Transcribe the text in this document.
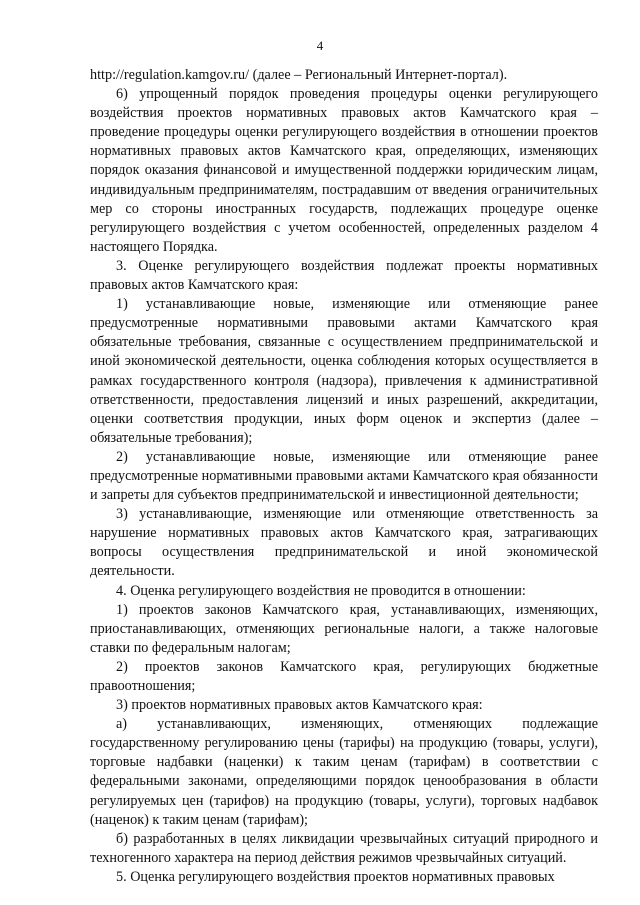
4

http://regulation.kamgov.ru/ (далее – Региональный Интернет-портал).

6) упрощенный порядок проведения процедуры оценки регулирующего воздействия проектов нормативных правовых актов Камчатского края – проведение процедуры оценки регулирующего воздействия в отношении проектов нормативных правовых актов Камчатского края, определяющих, изменяющих порядок оказания финансовой и имущественной поддержки юридическим лицам, индивидуальным предпринимателям, пострадавшим от введения ограничительных мер со стороны иностранных государств, подлежащих процедуре оценке регулирующего воздействия с учетом особенностей, определенных разделом 4 настоящего Порядка.

3. Оценке регулирующего воздействия подлежат проекты нормативных правовых актов Камчатского края:

1) устанавливающие новые, изменяющие или отменяющие ранее предусмотренные нормативными правовыми актами Камчатского края обязательные требования, связанные с осуществлением предпринимательской и иной экономической деятельности, оценка соблюдения которых осуществляется в рамках государственного контроля (надзора), привлечения к административной ответственности, предоставления лицензий и иных разрешений, аккредитации, оценки соответствия продукции, иных форм оценок и экспертиз (далее – обязательные требования);

2) устанавливающие новые, изменяющие или отменяющие ранее предусмотренные нормативными правовыми актами Камчатского края обязанности и запреты для субъектов предпринимательской и инвестиционной деятельности;

3) устанавливающие, изменяющие или отменяющие ответственность за нарушение нормативных правовых актов Камчатского края, затрагивающих вопросы осуществления предпринимательской и иной экономической деятельности.

4. Оценка регулирующего воздействия не проводится в отношении:

1) проектов законов Камчатского края, устанавливающих, изменяющих, приостанавливающих, отменяющих региональные налоги, а также налоговые ставки по федеральным налогам;

2) проектов законов Камчатского края, регулирующих бюджетные правоотношения;

3) проектов нормативных правовых актов Камчатского края:

а) устанавливающих, изменяющих, отменяющих подлежащие государственному регулированию цены (тарифы) на продукцию (товары, услуги), торговые надбавки (наценки) к таким ценам (тарифам) в соответствии с федеральными законами, определяющими порядок ценообразования в области регулируемых цен (тарифов) на продукцию (товары, услуги), торговых надбавок (наценок) к таким ценам (тарифам);

б) разработанных в целях ликвидации чрезвычайных ситуаций природного и техногенного характера на период действия режимов чрезвычайных ситуаций.

5. Оценка регулирующего воздействия проектов нормативных правовых
